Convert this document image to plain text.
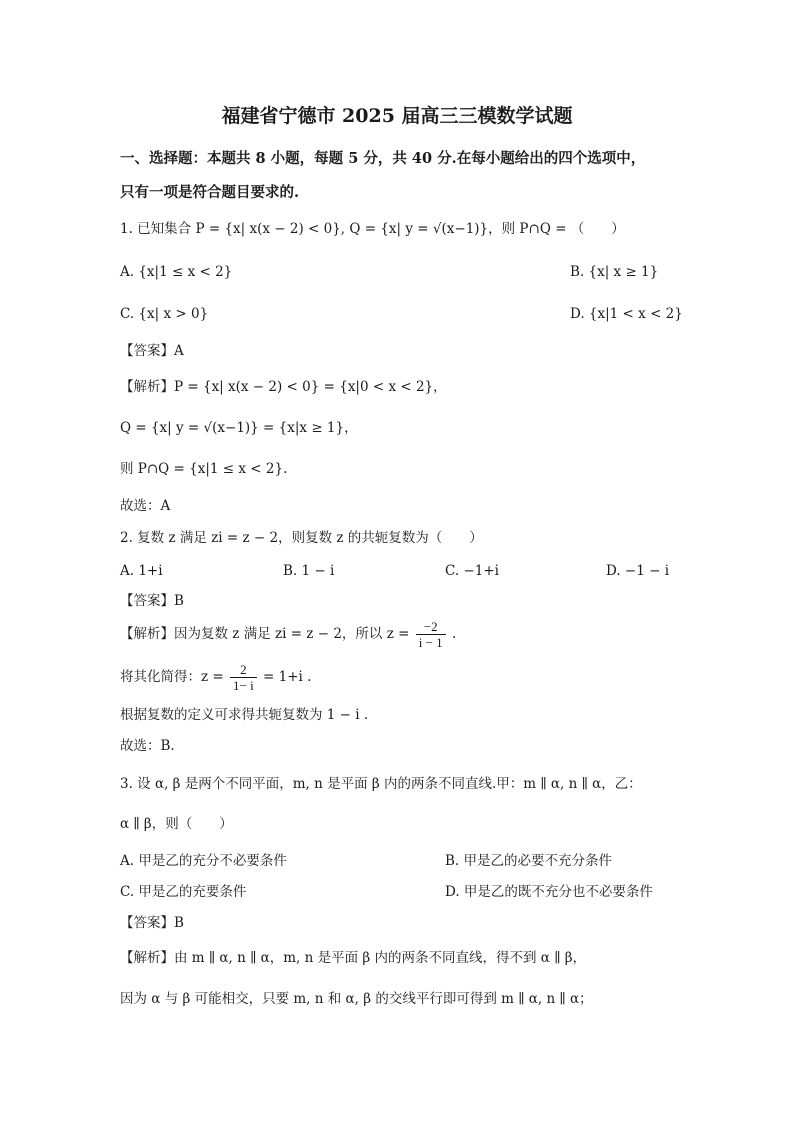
福建省宁德市 2025 届高三三模数学试题
一、选择题：本题共 8 小题，每题 5 分，共 40 分.在每小题给出的四个选项中，
只有一项是符合题目要求的.
1. 已知集合 P = {x| x(x − 2) < 0}, Q = {x| y = √(x−1)}，则 P∩Q = （　　）
A. {x|1 ≤ x < 2}	B. {x| x ≥ 1}
C. {x| x > 0}	D. {x|1 < x < 2}
【答案】A
【解析】P = {x| x(x − 2) < 0} = {x|0 < x < 2}，
Q = {x| y = √(x−1)} = {x|x ≥ 1}，
则 P∩Q = {x|1 ≤ x < 2}.
故选：A
2. 复数 z 满足 zi = z − 2，则复数 z 的共轭复数为（　　）
A. 1+i	B. 1 − i	C. −1+i	D. −1 − i
【答案】B
【解析】因为复数 z 满足 zi = z − 2，所以 $z = \frac{-2}{i - 1}$ .
将其化简得：$z = \frac{2}{1- i} = 1+i$ .
根据复数的定义可求得共轭复数为 1 − i .
故选：B.
3. 设 α, β 是两个不同平面，m, n 是平面 β 内的两条不同直线.甲：m ∥ α, n ∥ α，乙：
α ∥ β，则（　　）
A. 甲是乙的充分不必要条件	B. 甲是乙的必要不充分条件
C. 甲是乙的充要条件	D. 甲是乙的既不充分也不必要条件
【答案】B
【解析】由 m ∥ α, n ∥ α，m, n 是平面 β 内的两条不同直线，得不到 α ∥ β，
因为 α 与 β 可能相交，只要 m, n 和 α, β 的交线平行即可得到 m ∥ α, n ∥ α；
